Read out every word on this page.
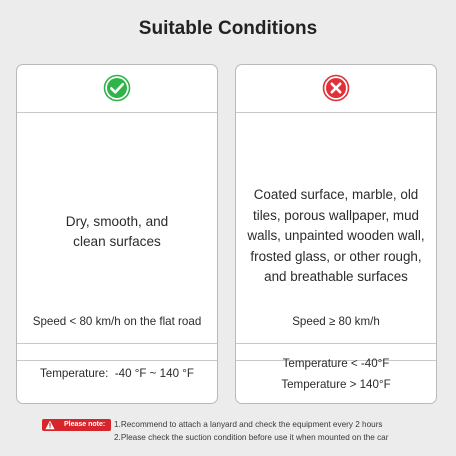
Suitable Conditions
Dry, smooth, and clean surfaces
Speed < 80 km/h on the flat road
Temperature:  -40 °F ~ 140 °F
Coated surface, marble, old tiles, porous wallpaper, mud walls, unpainted wooden wall, frosted glass, or other rough, and breathable surfaces
Speed ≥ 80 km/h
Temperature < -40°F
Temperature > 140°F
Please note: 1.Recommend to attach a lanyard and check the equipment every 2 hours
2.Please check the suction condition before use it when mounted on the car
